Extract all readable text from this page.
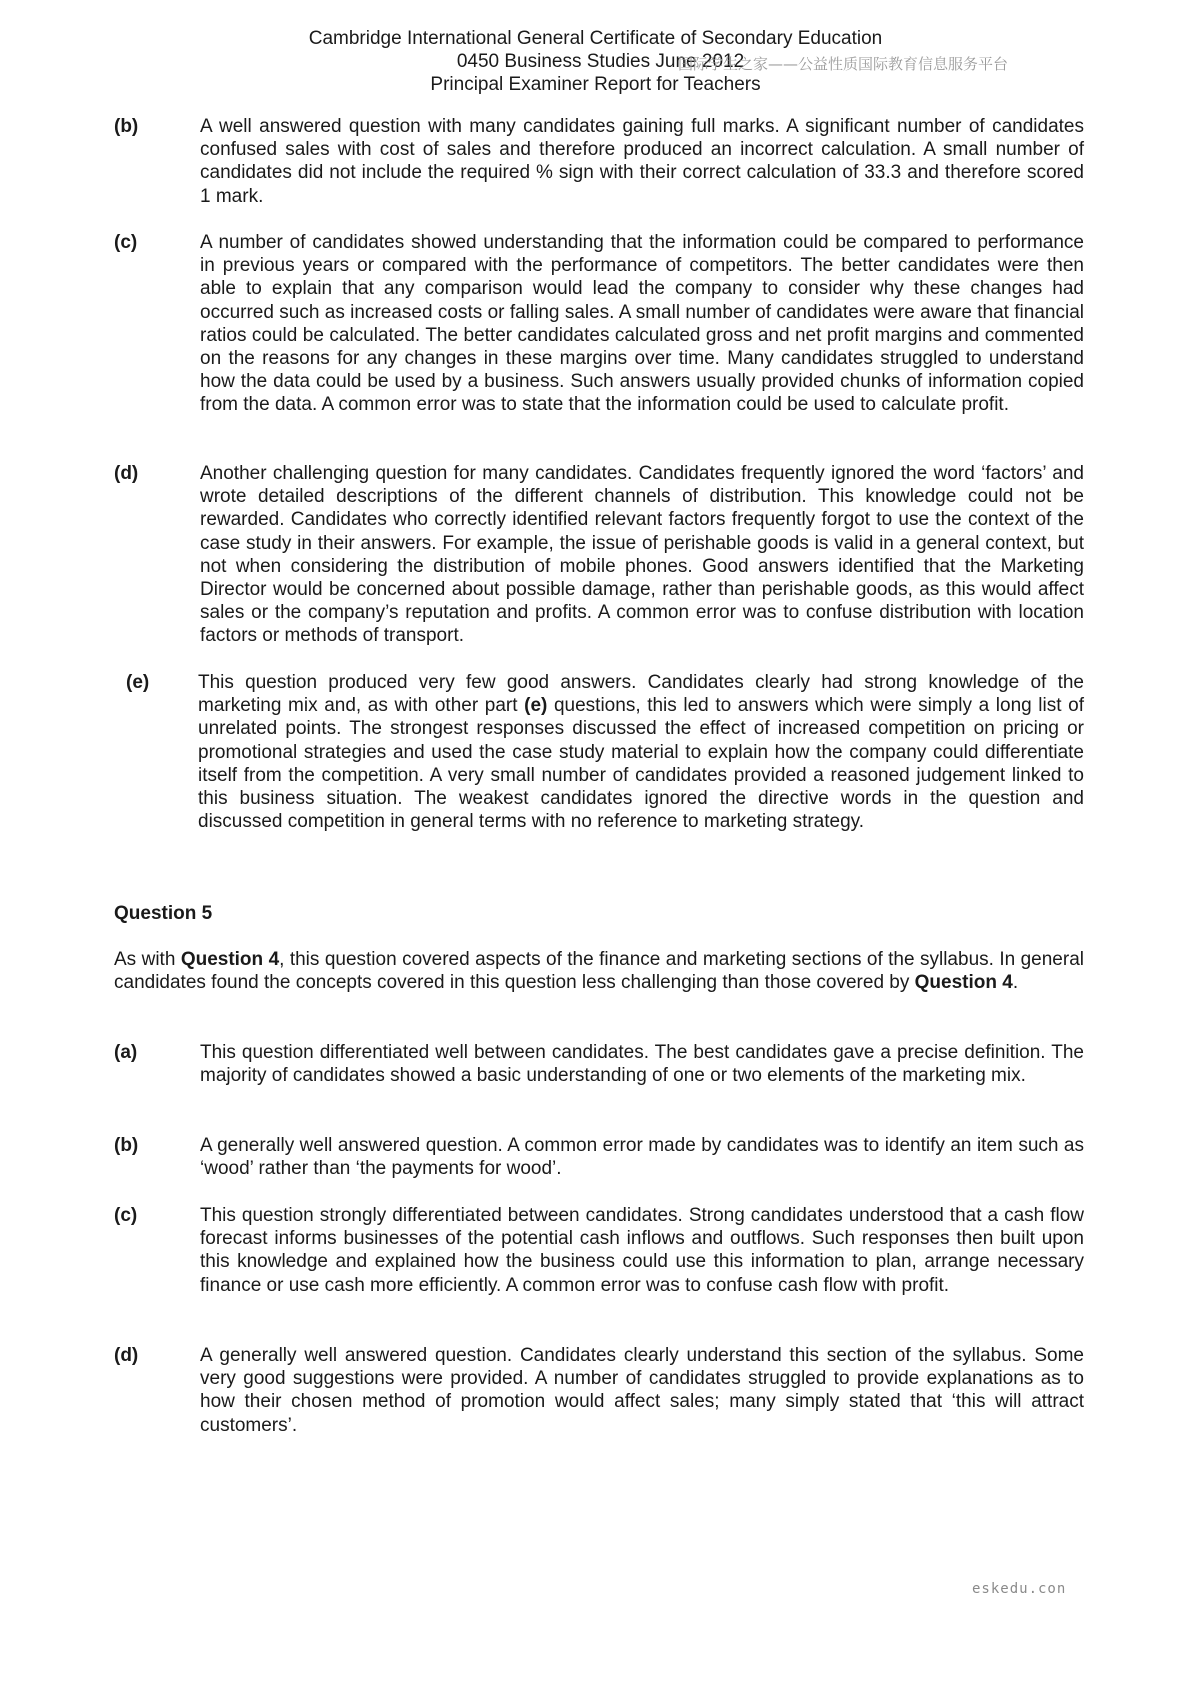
Cambridge International General Certificate of Secondary Education
0450 Business Studies June 2012
Principal Examiner Report for Teachers
国际学生之家——公益性质国际教育信息服务平台
(b)	A well answered question with many candidates gaining full marks. A significant number of candidates confused sales with cost of sales and therefore produced an incorrect calculation. A small number of candidates did not include the required % sign with their correct calculation of 33.3 and therefore scored 1 mark.
(c)	A number of candidates showed understanding that the information could be compared to performance in previous years or compared with the performance of competitors. The better candidates were then able to explain that any comparison would lead the company to consider why these changes had occurred such as increased costs or falling sales. A small number of candidates were aware that financial ratios could be calculated. The better candidates calculated gross and net profit margins and commented on the reasons for any changes in these margins over time. Many candidates struggled to understand how the data could be used by a business. Such answers usually provided chunks of information copied from the data. A common error was to state that the information could be used to calculate profit.
(d)	Another challenging question for many candidates. Candidates frequently ignored the word ‘factors’ and wrote detailed descriptions of the different channels of distribution. This knowledge could not be rewarded. Candidates who correctly identified relevant factors frequently forgot to use the context of the case study in their answers. For example, the issue of perishable goods is valid in a general context, but not when considering the distribution of mobile phones. Good answers identified that the Marketing Director would be concerned about possible damage, rather than perishable goods, as this would affect sales or the company’s reputation and profits. A common error was to confuse distribution with location factors or methods of transport.
(e)	This question produced very few good answers. Candidates clearly had strong knowledge of the marketing mix and, as with other part (e) questions, this led to answers which were simply a long list of unrelated points. The strongest responses discussed the effect of increased competition on pricing or promotional strategies and used the case study material to explain how the company could differentiate itself from the competition. A very small number of candidates provided a reasoned judgement linked to this business situation. The weakest candidates ignored the directive words in the question and discussed competition in general terms with no reference to marketing strategy.
Question 5
As with Question 4, this question covered aspects of the finance and marketing sections of the syllabus. In general candidates found the concepts covered in this question less challenging than those covered by Question 4.
(a)	This question differentiated well between candidates. The best candidates gave a precise definition. The majority of candidates showed a basic understanding of one or two elements of the marketing mix.
(b)	A generally well answered question. A common error made by candidates was to identify an item such as ‘wood’ rather than ‘the payments for wood’.
(c)	This question strongly differentiated between candidates. Strong candidates understood that a cash flow forecast informs businesses of the potential cash inflows and outflows. Such responses then built upon this knowledge and explained how the business could use this information to plan, arrange necessary finance or use cash more efficiently. A common error was to confuse cash flow with profit.
(d)	A generally well answered question. Candidates clearly understand this section of the syllabus. Some very good suggestions were provided. A number of candidates struggled to provide explanations as to how their chosen method of promotion would affect sales; many simply stated that ‘this will attract customers’.
eskedu.con
